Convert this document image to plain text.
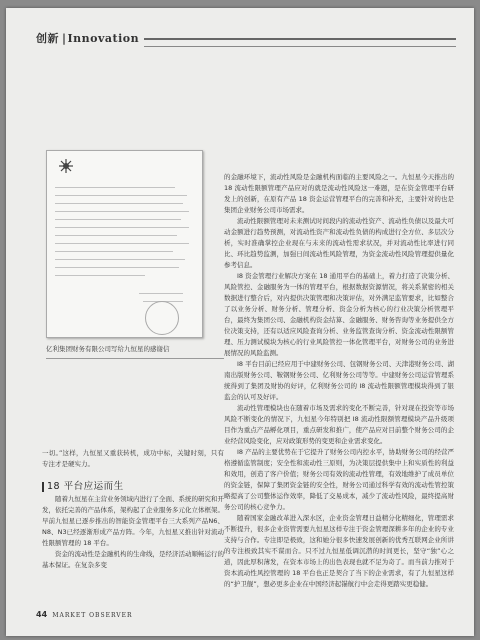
创新 | Innovation
亿利集团财务有限公司写给九恒星的感谢信

一切。”这样，九恒星又重获转机，成功中标，关键时刻，只有专注才是硬实力。

18 平台应运而生

随着九恒星在主营业务领域内进行了全面、系统的研究和开发，依托完善的产品体系，架构起了企业服务多元化立体框架。早前九恒星已逐步推出的智能资金管理平台三大系列产品N6、N8、N3已经逐渐形成产品方阵。今年，九恒星又推出针对流动性限额管理的 18 平台。

资金的流动性是金融机构的生命线，是经济活动顺畅运行的基本保证。在复杂多变

的金融环境下，流动性风险是金融机构面临的主要风险之一。九恒星今天推出的 18 流动性限额管理产品应对的就是流动性风险这一难题，是在资金管理平台研发上的创新，在原有产品 18 资金运营管理平台的完善和补充，主要针对的也是集团企业财务公司市场需求。

流动性限额管理对未来测试时间段内的流动性资产、流动性负债以及最大可动金额进行趋势预测，对流动性资产和流动性负债的构成进行全方位、多层次分析，实时准确掌控企业现在与未来的流动性需求状况，并对流动性比率进行同比、环比趋势监测，加强日间流动性风险管理，为资金流动性风险管理提供量化参考信息。

I8 资金管理行业解决方案在 18 通用平台的基础上，着力打造了决策分析、风险管控、金融服务为一体的管理平台，根据数据资源情况，将关系紧密的相关数据进行整合后，对内提供决策管理和决策评估，对外满足监管要求，比如整合了以业务分析、财务分析、管理分析、资金分析为核心的行业决策分析管理平台，最终为集团公司、金融机构资金结算、金融服务、财务咨询等业务提供全方位决策支持，还有以适应风险查询分析、业务监管查询分析、资金流动性限额管理、压力测试模块为核心的行业风险管控一体化管理平台，对财务公司的业务进展情况的风险监测。

I8 平台目前已经应用于中建财务公司、包钢财务公司、天津港财务公司、湖南出版财务公司、鞍钢财务公司、亿利财务公司等等。中建财务公司运营管理系统得到了集团及财协的好评，亿利财务公司的 I8 流动性限额管理模块得到了银监会的认可及好评。

流动性管理模块也在随着市场及需求的变化不断完善，针对现在投资等市场风险不断变化的情况下，九恒星今年特别把 I8 流动性限额管理模块产品升级项目作为重点产品孵化项目，重点研发和推广，使产品应对目前整个财务公司的企业经营风险变化，应对政策形势的变更和企业需求变化。

I8 产品的主要优势在于它提升了财务公司内控水平，协助财务公司的经营严格遵循监管制度；安全性和流动性三原则，为决策层提供集中上和实质性的利益和效用，创造了客户价值；财务公司有效的流动性管理，有效地维护了成员单位的资金链，保障了集团资金链的安全性，财务公司通过科学有效的流动性管控策略提高了公司整体运作效率，降低了交易成本，减少了流动性风险，最终提高财务公司的核心竞争力。

随着国家金融改革进入深水区，企业资金管理日益精分化精细化，管理需求不断提升，很多企业资管需要九恒星这样专注于资金管理深耕多年的企业的专业支持与合作。专注即是极致，这和她分很多快速发展创新的优秀互联网企业所讲的专注极致其实不谋而合。只不过九恒星低调沉潜的时间更长，坚守“独”心之道，因此厚积薄发，在资本市场上的出色表现也就不足为奇了。而当前力推对于资本流动性风控管理的 18 平台也正是契合了当下的企业需求，有了九恒星这样的“护卫舰”，想必更多企业在中国经济起锚航行中会走得更踏实更稳健。

44 MARKET OBSERVER
